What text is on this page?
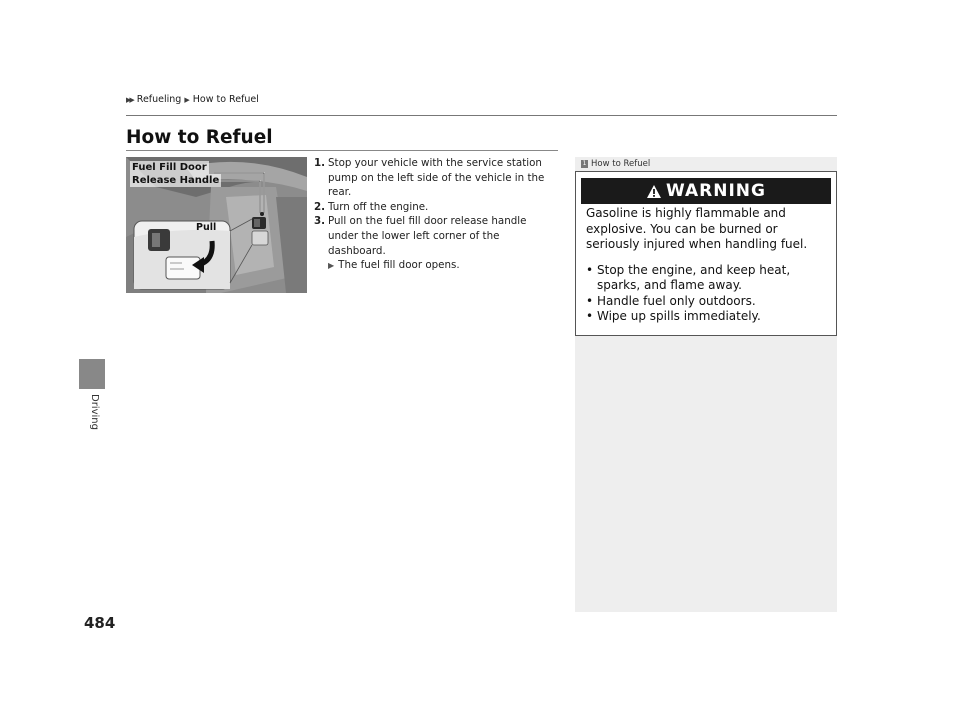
▶▶ Refueling ▶ How to Refuel
Driving
484
How to Refuel
Fuel Fill Door
Release Handle
Pull
1. Stop your vehicle with the service station pump on the left side of the vehicle in the rear.
2. Turn off the engine.
3. Pull on the fuel fill door release handle under the lower left corner of the dashboard.
▶ The fuel fill door opens.
1 How to Refuel
WARNING

Gasoline is highly flammable and explosive. You can be burned or seriously injured when handling fuel.

• Stop the engine, and keep heat, sparks, and flame away.
• Handle fuel only outdoors.
• Wipe up spills immediately.
